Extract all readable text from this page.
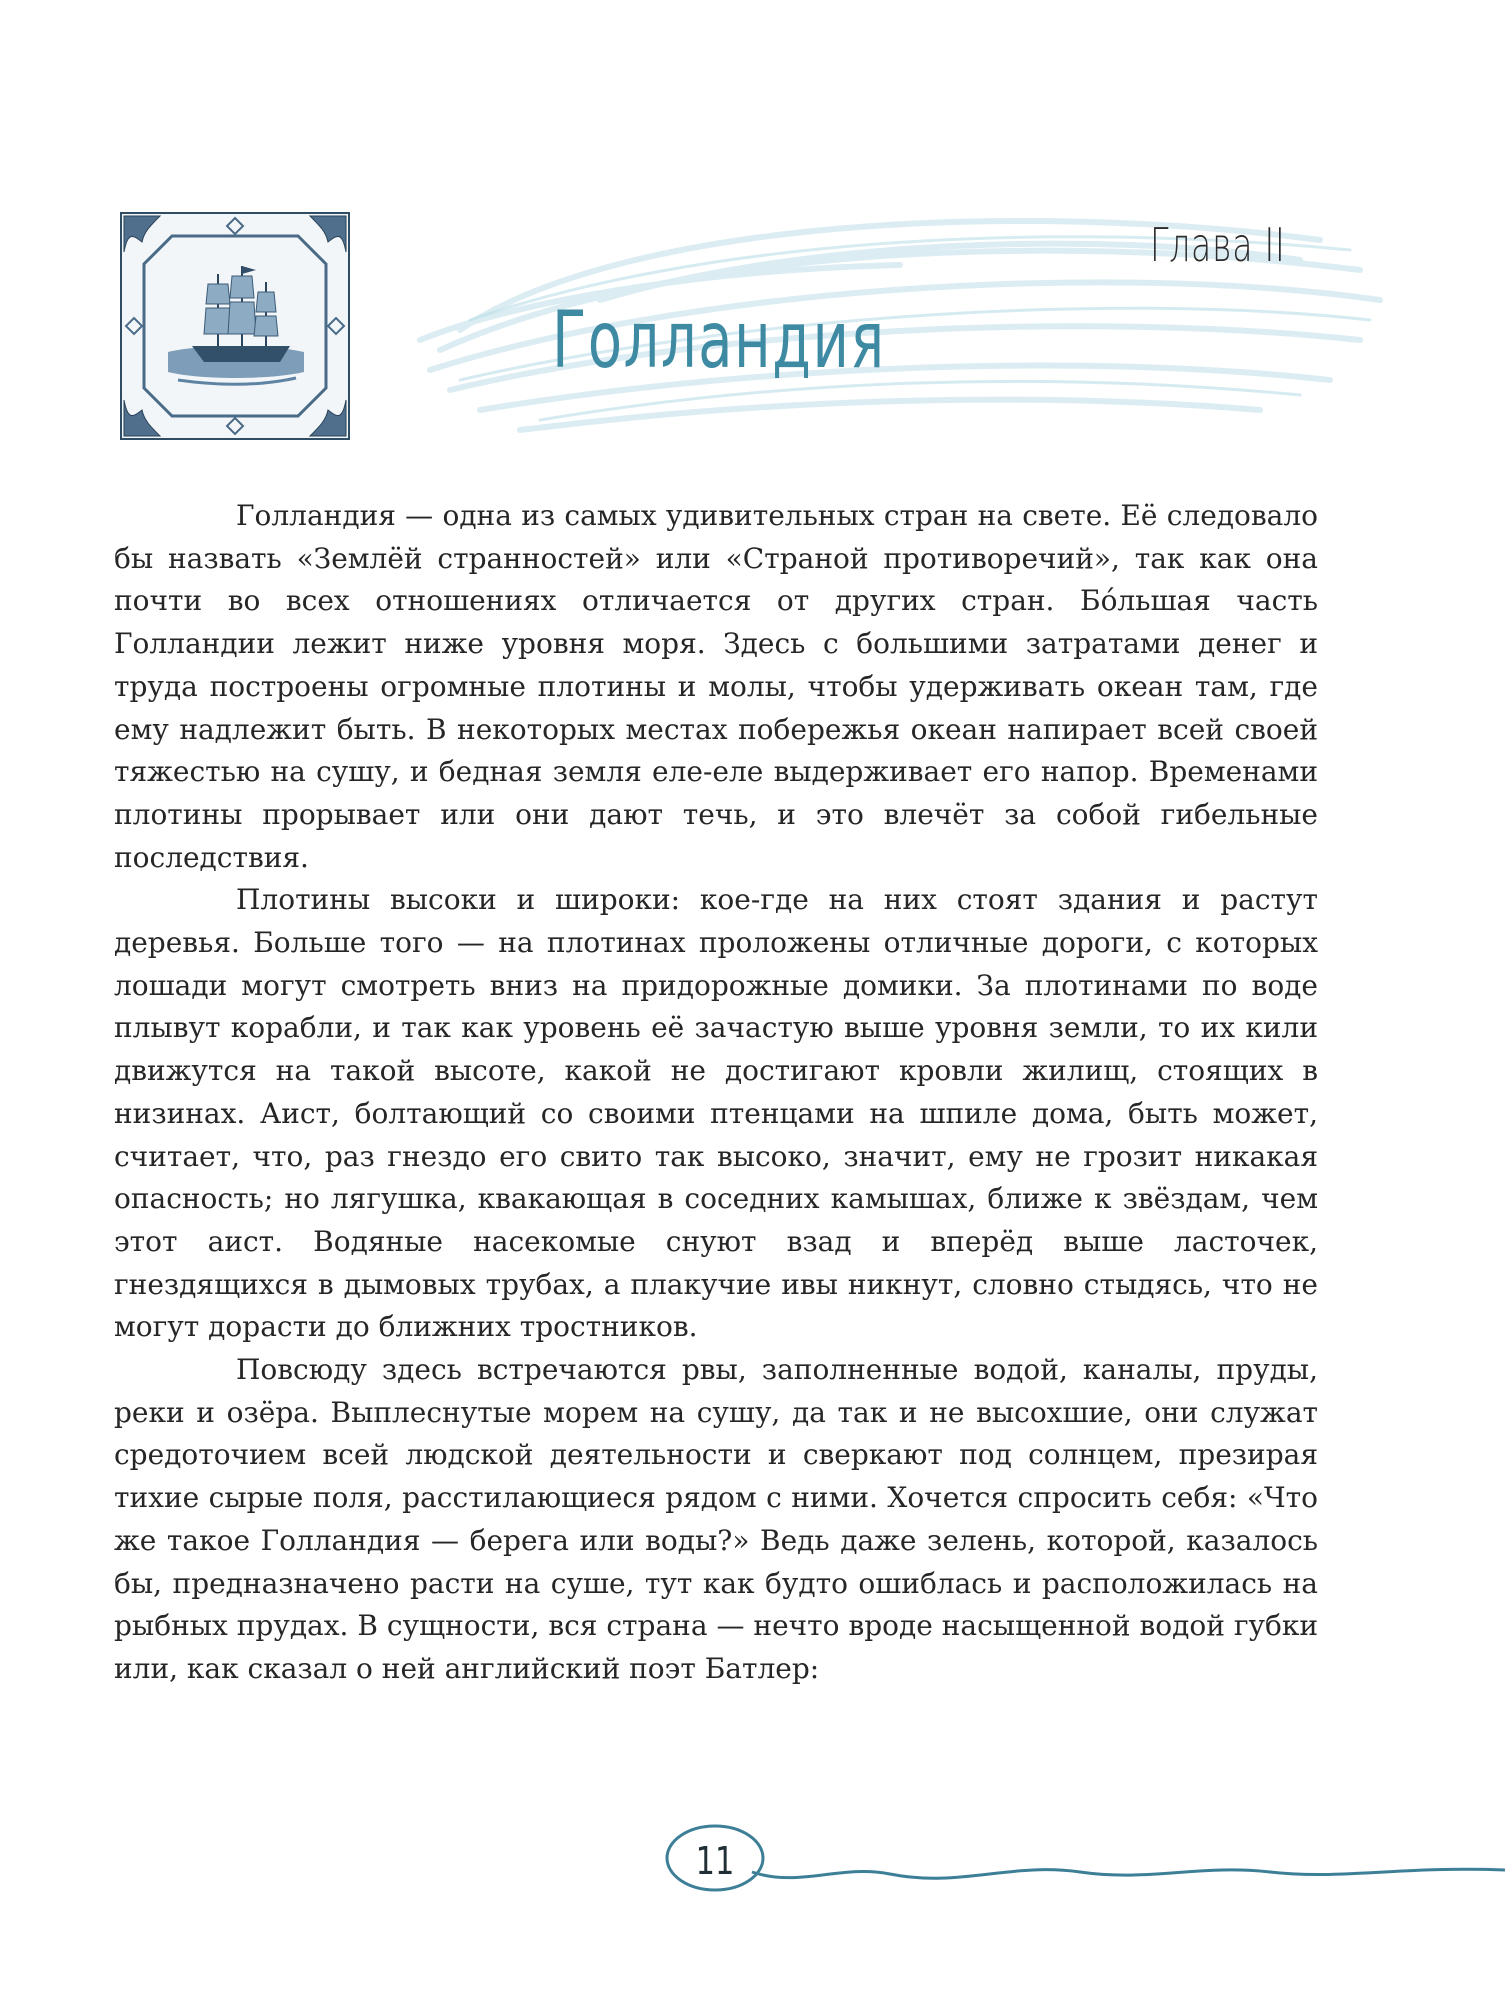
Глава II
Голландия

Голландия — одна из самых удивительных стран на свете. Её следовало бы назвать «Землёй странностей» или «Страной противоречий», так как она почти во всех отношениях отличается от других стран. Бо́льшая часть Голландии лежит ниже уровня моря. Здесь с большими затратами денег и труда построены огромные плотины и молы, чтобы удерживать океан там, где ему надлежит быть. В некоторых местах побережья океан напирает всей своей тяжестью на сушу, и бедная земля еле-еле выдерживает его напор. Временами плотины прорывает или они дают течь, и это влечёт за собой гибельные последствия.

Плотины высоки и широки: кое-где на них стоят здания и растут деревья. Больше того — на плотинах проложены отличные дороги, с которых лошади могут смотреть вниз на придорожные домики. За плотинами по воде плывут корабли, и так как уровень её зачастую выше уровня земли, то их кили движутся на такой высоте, какой не достигают кровли жилищ, стоящих в низинах. Аист, болтающий со своими птенцами на шпиле дома, быть может, считает, что, раз гнездо его свито так высоко, значит, ему не грозит никакая опасность; но лягушка, квакающая в соседних камышах, ближе к звёздам, чем этот аист. Водяные насекомые снуют взад и вперёд выше ласточек, гнездящихся в дымовых трубах, а плакучие ивы никнут, словно стыдясь, что не могут дорасти до ближних тростников.

Повсюду здесь встречаются рвы, заполненные водой, каналы, пруды, реки и озёра. Выплеснутые морем на сушу, да так и не высохшие, они служат средоточием всей людской деятельности и сверкают под солнцем, презирая тихие сырые поля, расстилающиеся рядом с ними. Хочется спросить себя: «Что же такое Голландия — берега или воды?» Ведь даже зелень, которой, казалось бы, предназначено расти на суше, тут как будто ошиблась и расположилась на рыбных прудах. В сущности, вся страна — нечто вроде насыщенной водой губки или, как сказал о ней английский поэт Батлер:

11
